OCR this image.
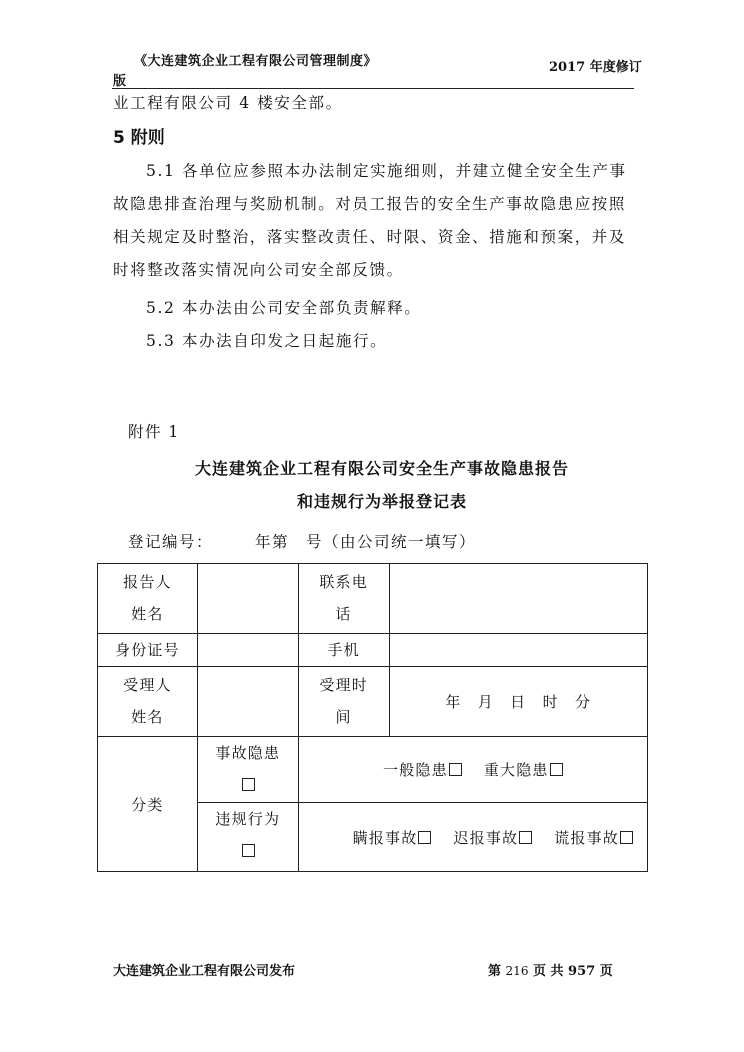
《大连建筑企业工程有限公司管理制度》	2017 年度修订
版
业工程有限公司 4 楼安全部。
5 附则
5.1 各单位应参照本办法制定实施细则，并建立健全安全生产事故隐患排查治理与奖励机制。对员工报告的安全生产事故隐患应按照相关规定及时整治，落实整改责任、时限、资金、措施和预案，并及时将整改落实情况向公司安全部反馈。
5.2 本办法由公司安全部负责解释。
5.3 本办法自印发之日起施行。
附件 1
大连建筑企业工程有限公司安全生产事故隐患报告
和违规行为举报登记表
登记编号：	年第　号（由公司统一填写）
报告人姓名		联系电话	
身份证号		手机	
受理人姓名		受理时间	年　月　日　时　分
分类	事故隐患	一般隐患 重大隐患	

	违规行为	瞒报事故 迟报事故 谎报事故	
大连建筑企业工程有限公司发布	第 216 页 共 957 页
